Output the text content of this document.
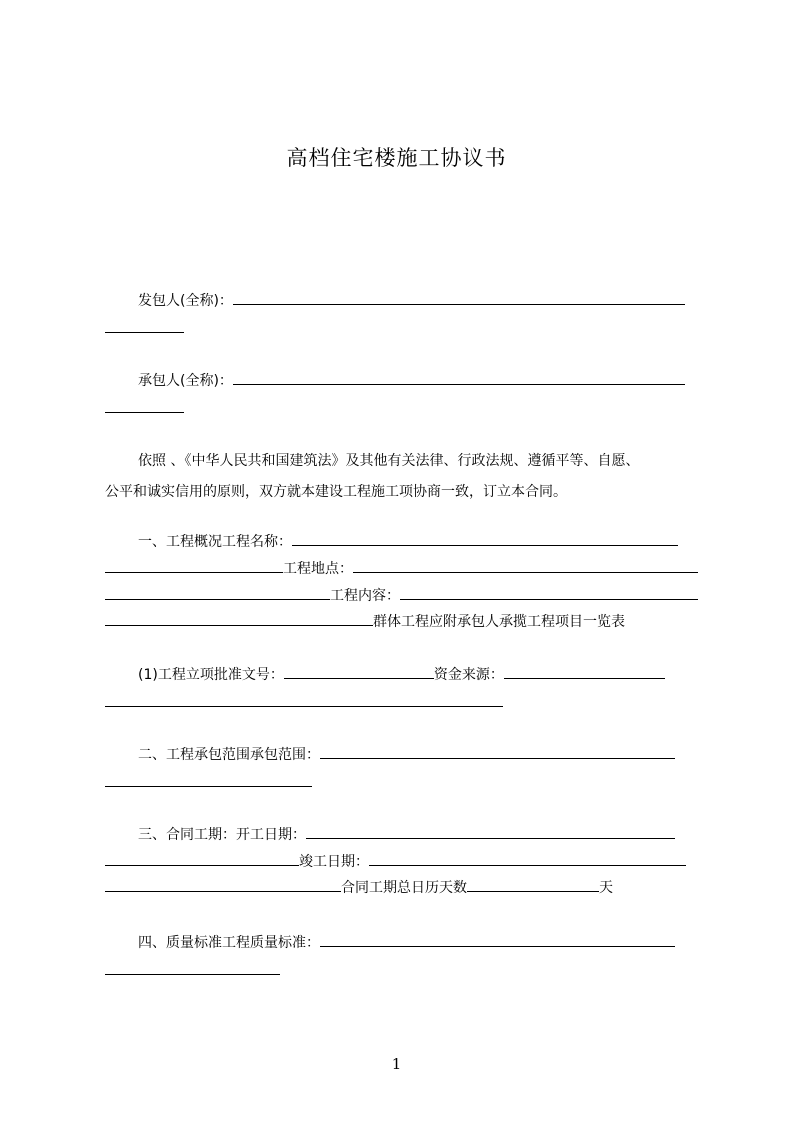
高档住宅楼施工协议书
发包人(全称)：
承包人(全称)：
依照 、《中华人民共和国建筑法》及其他有关法律、行政法规、遵循平等、自愿、
公平和诚实信用的原则，双方就本建设工程施工项协商一致，订立本合同。
一、工程概况工程名称：
工程地点：
工程内容：
群体工程应附承包人承揽工程项目一览表
(1)工程立项批准文号：	资金来源：
二、工程承包范围承包范围：
三、合同工期：开工日期：
竣工日期：
合同工期总日历天数	天
四、质量标准工程质量标准：
1
